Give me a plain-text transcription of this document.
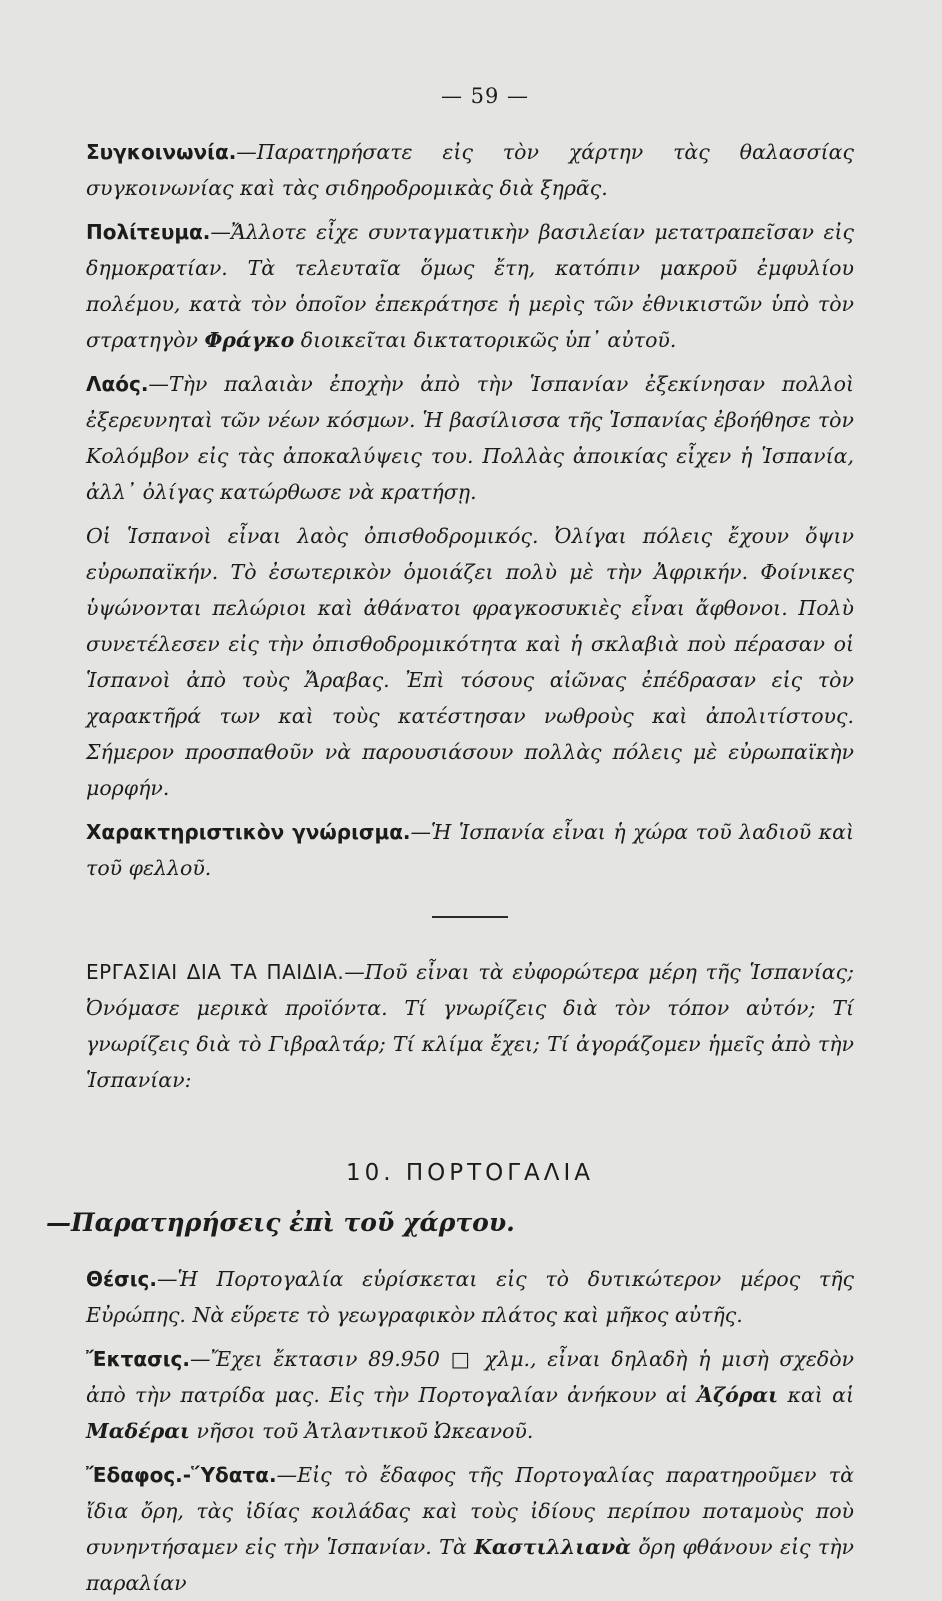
— 59 —

Συγκοινωνία.—Παρατηρήσατε εἰς τὸν χάρτην τὰς θαλασσίας συγκοινωνίας καὶ τὰς σιδηροδρομικὰς διὰ ξηρᾶς.

Πολίτευμα.—Ἄλλοτε εἶχε συνταγματικὴν βασιλείαν μετατραπεῖσαν εἰς δημοκρατίαν. Τὰ τελευταῖα ὅμως ἔτη, κατόπιν μακροῦ ἐμφυλίου πολέμου, κατὰ τὸν ὁποῖον ἐπεκράτησε ἡ μερὶς τῶν ἐθνικιστῶν ὑπὸ τὸν στρατηγὸν Φράγκο διοικεῖται δικτατορικῶς ὑπ᾽ αὐτοῦ.

Λαός.—Τὴν παλαιὰν ἐποχὴν ἀπὸ τὴν Ἱσπανίαν ἐξεκίνησαν πολλοὶ ἐξερευνηταὶ τῶν νέων κόσμων. Ἡ βασίλισσα τῆς Ἱσπανίας ἐβοήθησε τὸν Κολόμβον εἰς τὰς ἀποκαλύψεις του. Πολλὰς ἀποικίας εἶχεν ἡ Ἱσπανία, ἀλλ᾽ ὀλίγας κατώρθωσε νὰ κρατήσῃ.

Οἱ Ἱσπανοὶ εἶναι λαὸς ὀπισθοδρομικός. Ὀλίγαι πόλεις ἔχουν ὄψιν εὐρωπαϊκήν. Τὸ ἐσωτερικὸν ὁμοιάζει πολὺ μὲ τὴν Ἀφρικήν. Φοίνικες ὑψώνονται πελώριοι καὶ ἀθάνατοι φραγκοσυκιὲς εἶναι ἄφθονοι. Πολὺ συνετέλεσεν εἰς τὴν ὀπισθοδρομικότητα καὶ ἡ σκλαβιὰ ποὺ πέρασαν οἱ Ἱσπανοὶ ἀπὸ τοὺς Ἄραβας. Ἐπὶ τόσους αἰῶνας ἐπέδρασαν εἰς τὸν χαρακτῆρά των καὶ τοὺς κατέστησαν νωθροὺς καὶ ἀπολιτίστους. Σήμερον προσπαθοῦν νὰ παρουσιάσουν πολλὰς πόλεις μὲ εὐρωπαϊκὴν μορφήν.

Χαρακτηριστικὸν γνώρισμα.—Ἡ Ἱσπανία εἶναι ἡ χώρα τοῦ λαδιοῦ καὶ τοῦ φελλοῦ.

ΕΡΓΑΣΙΑΙ ΔΙΑ ΤΑ ΠΑΙΔΙΑ.—Ποῦ εἶναι τὰ εὐφορώτερα μέρη τῆς Ἱσπανίας; Ὀνόμασε μερικὰ προϊόντα. Τί γνωρίζεις διὰ τὸν τόπον αὐτόν; Τί γνωρίζεις διὰ τὸ Γιβραλτάρ; Τί κλίμα ἔχει; Τί ἀγοράζομεν ἡμεῖς ἀπὸ τὴν Ἱσπανίαν:

10. ΠΟΡΤΟΓΑΛΙΑ
—Παρατηρήσεις ἐπὶ τοῦ χάρτου.

Θέσις.—Ἡ Πορτογαλία εὑρίσκεται εἰς τὸ δυτικώτερον μέρος τῆς Εὐρώπης. Νὰ εὕρετε τὸ γεωγραφικὸν πλάτος καὶ μῆκος αὐτῆς.

Ἔκτασις.—Ἔχει ἔκτασιν 89.950 □ χλμ., εἶναι δηλαδὴ ἡ μισὴ σχεδὸν ἀπὸ τὴν πατρίδα μας. Εἰς τὴν Πορτογαλίαν ἀνήκουν αἱ Ἀζόραι καὶ αἱ Μαδέραι νῆσοι τοῦ Ἀτλαντικοῦ Ὠκεανοῦ.

Ἔδαφος.-Ὕδατα.—Εἰς τὸ ἔδαφος τῆς Πορτογαλίας παρατηροῦμεν τὰ ἴδια ὄρη, τὰς ἰδίας κοιλάδας καὶ τοὺς ἰδίους περίπου ποταμοὺς ποὺ συνηντήσαμεν εἰς τὴν Ἱσπανίαν. Τὰ Καστιλλιανὰ ὄρη φθάνουν εἰς τὴν παραλίαν
